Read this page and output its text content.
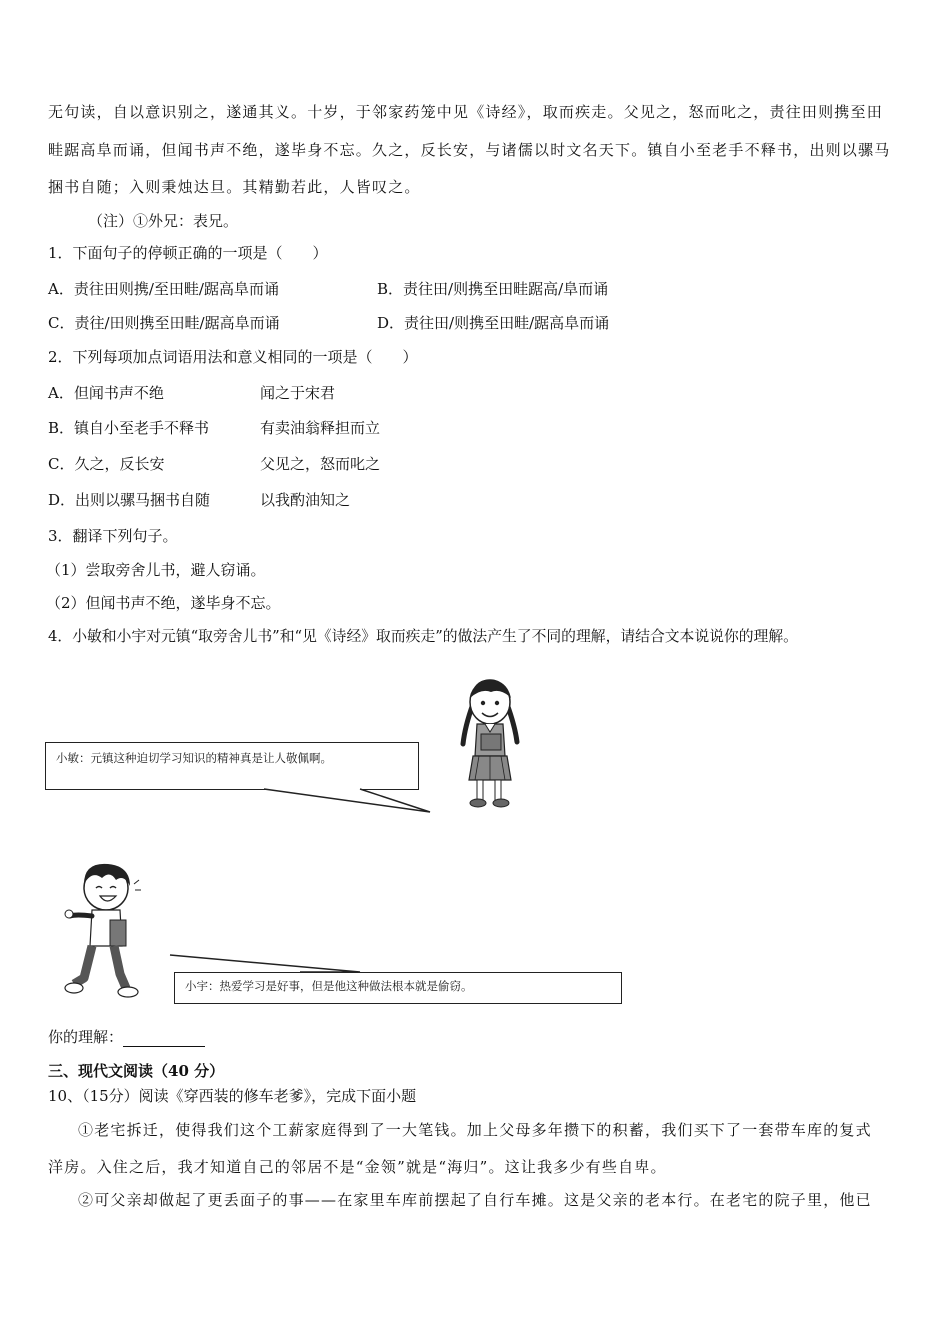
无句读，自以意识别之，遂通其义。十岁，于邻家药笼中见《诗经》，取而疾走。父见之，怒而叱之，责往田则携至田
畦踞高阜而诵，但闻书声不绝，遂毕身不忘。久之，反长安，与诸儒以时文名天下。镇自小至老手不释书，出则以骡马
捆书自随；入则秉烛达旦。其精勤若此，人皆叹之。
（注）①外兄：表兄。
1．下面句子的停顿正确的一项是（　　）
A．责往田则携/至田畦/踞高阜而诵	B．责往田/则携至田畦踞高/阜而诵
C．责往/田则携至田畦/踞高阜而诵	D．责往田/则携至田畦/踞高阜而诵
2．下列每项加点词语用法和意义相同的一项是（　　）
A．但闻书声不绝	闻之于宋君
B．镇自小至老手不释书	有卖油翁释担而立
C．久之，反长安	父见之，怒而叱之
D．出则以骡马捆书自随	以我酌油知之
3．翻译下列句子。
（1）尝取旁舍儿书，避人窃诵。
（2）但闻书声不绝，遂毕身不忘。
4．小敏和小宇对元镇“取旁舍儿书”和“见《诗经》取而疾走”的做法产生了不同的理解，请结合文本说说你的理解。
小敏：元镇这种迫切学习知识的精神真是让人敬佩啊。
小宇：热爱学习是好事，但是他这种做法根本就是偷窃。
你的理解：
三、现代文阅读（40 分）
10、（15分）阅读《穿西装的修车老爹》，完成下面小题
①老宅拆迁，使得我们这个工薪家庭得到了一大笔钱。加上父母多年攒下的积蓄，我们买下了一套带车库的复式
洋房。入住之后，我才知道自己的邻居不是“金领”就是“海归”。这让我多少有些自卑。
②可父亲却做起了更丢面子的事——在家里车库前摆起了自行车摊。这是父亲的老本行。在老宅的院子里，他已
